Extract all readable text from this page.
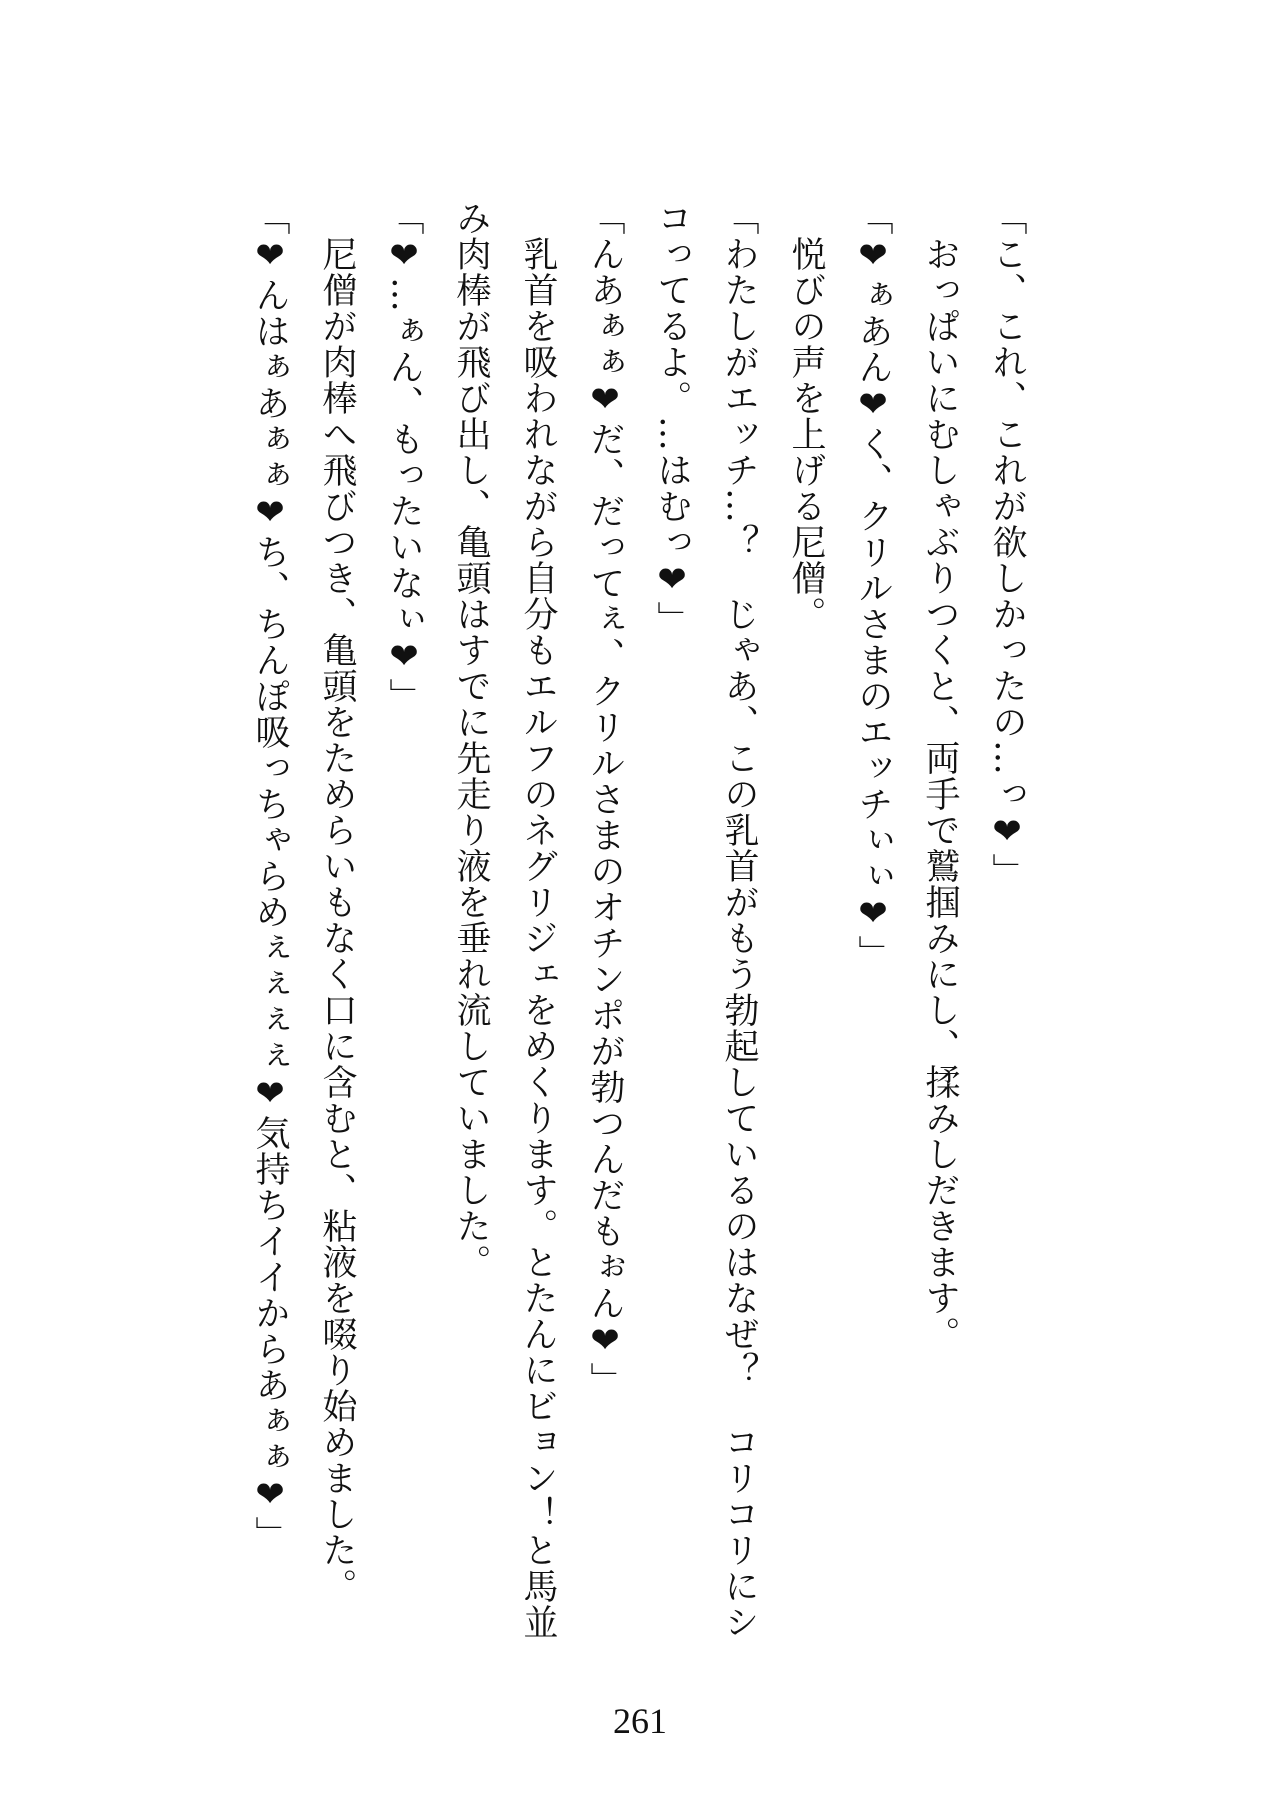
「こ、これ、これが欲しかったの…っ❤」
　おっぱいにむしゃぶりつくと、両手で鷲掴みにし、揉みしだきます。
「❤ぁあん❤く、クリルさまのエッチぃぃ❤」
　悦びの声を上げる尼僧。
「わたしがエッチ…？　じゃあ、この乳首がもう勃起しているのはなぜ？　コリコリにシ
コってるよ。…はむっ❤」
「んあぁぁ❤だ、だってぇ、クリルさまのオチンポが勃つんだもぉん❤」
　乳首を吸われながら自分もエルフのネグリジェをめくります。とたんにビョン！と馬並
み肉棒が飛び出し、亀頭はすでに先走り液を垂れ流していました。
「❤…ぁん、もったいなぃ❤」
　尼僧が肉棒へ飛びつき、亀頭をためらいもなく口に含むと、粘液を啜り始めました。
「❤んはぁあぁぁ❤ち、ちんぽ吸っちゃらめぇぇぇぇ❤気持ちイイからあぁぁ❤」
261
